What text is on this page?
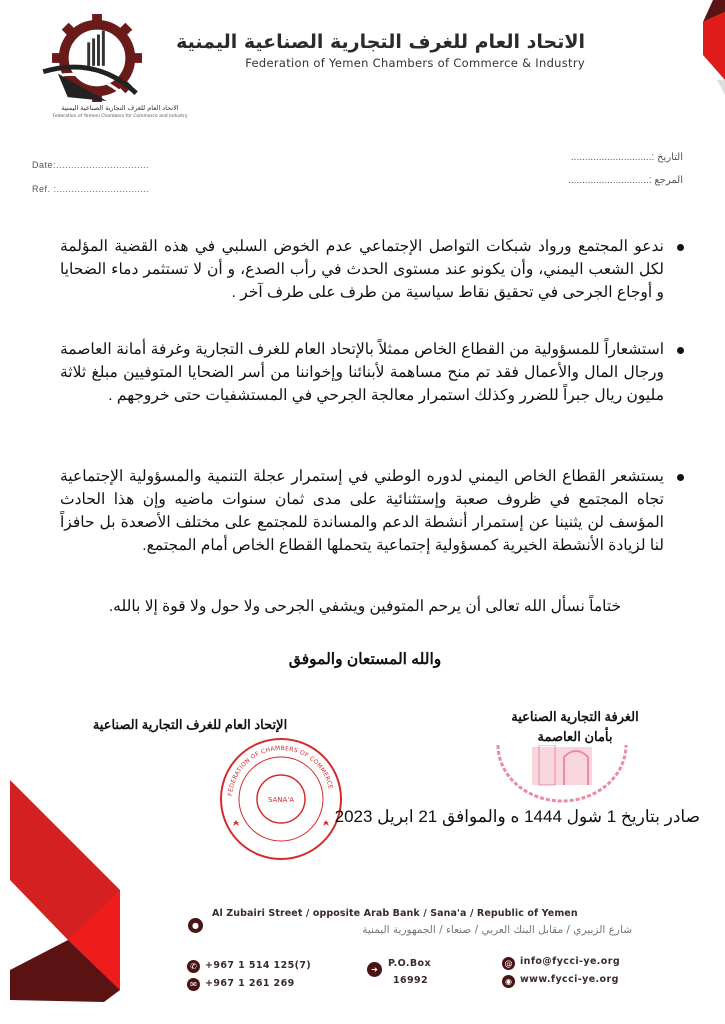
الاتحاد العام للغرف التجارية الصناعية اليمنية
Federation of Yemeni Chambers for Commerce and Industry
الاتحاد العام للغرف التجارية الصناعية اليمنية
Federation of Yemen Chambers of Commerce & Industry
Date:...............................
Ref. :...............................
التاريخ :.............................
المرجع :.............................

ندعو المجتمع ورواد شبكات التواصل الإجتماعي عدم الخوض السلبي في هذه القضية المؤلمة لكل الشعب اليمني، وأن يكونو عند مستوى الحدث في رأب الصدع، و أن لا تستثمر دماء الضحايا و أوجاع الجرحى في تحقيق نقاط سياسية من طرف على طرف آخر .

استشعاراً للمسؤولية من القطاع الخاص ممثلاً بالإتحاد العام للغرف التجارية وغرفة أمانة العاصمة ورجال المال والأعمال فقد تم منح مساهمة لأبنائنا وإخواننا من أسر الضحايا المتوفيين مبلغ ثلاثة مليون ريال جبراً للضرر وكذلك استمرار معالجة الجرحي في المستشفيات حتى خروجهم .

يستشعر القطاع الخاص اليمني لدوره الوطني في إستمرار عجلة التنمية والمسؤولية الإجتماعية تجاه المجتمع في ظروف صعبة وإستثنائية على مدى ثمان سنوات ماضيه وإن هذا الحادث المؤسف لن يثنينا عن إستمرار أنشطة الدعم والمساندة للمجتمع على مختلف الأصعدة بل حافزاً لنا لزيادة الأنشطة الخيرية كمسؤولية إجتماعية يتحملها القطاع الخاص أمام المجتمع.

ختاماً نسأل الله تعالى أن يرحم المتوفين ويشفي الجرحى ولا حول ولا قوة إلا بالله.
والله المستعان والموفق
الإتحاد العام للغرف التجارية الصناعية
الغرفة التجارية الصناعية
بأمان العاصمة
FEDERATION OF CHAMBERS OF COMMERCE
SANA'A
صادر بتاريخ 1 شول 1444 ه والموافق 21 ابريل 2023
●
Al Zubairi Street / opposite Arab Bank / Sana'a / Republic of Yemen
شارع الزبيري / مقابل البنك العربي / صنعاء / الجمهورية اليمنية
✆ +967 1 514 125(7)
✉ +967 1 261 269
➜
P.O.Box
16992
@ info@fycci-ye.org
◉ www.fycci-ye.org
